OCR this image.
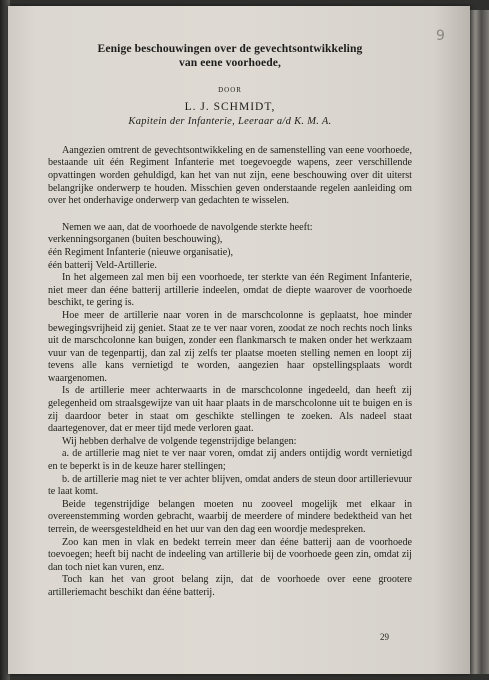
9
Eenige beschouwingen over de gevechtsontwikkeling
van eene voorhoede,
DOOR
L. J. SCHMIDT,
Kapitein der Infanterie, Leeraar a/d K. M. A.

Aangezien omtrent de gevechtsontwikkeling en de samenstelling van eene voorhoede, bestaande uit één Regiment Infanterie met toegevoegde wapens, zeer verschillende opvattingen worden gehuldigd, kan het van nut zijn, eene beschouwing over dit uiterst belangrijke onderwerp te houden. Misschien geven onderstaande regelen aanleiding om over het onderhavige onderwerp van gedachten te wisselen.

Nemen we aan, dat de voorhoede de navolgende sterkte heeft:

verkenningsorganen (buiten beschouwing),

één Regiment Infanterie (nieuwe organisatie),

één batterij Veld-Artillerie.

In het algemeen zal men bij een voorhoede, ter sterkte van één Regiment Infanterie, niet meer dan ééne batterij artillerie indeelen, omdat de diepte waarover de voorhoede beschikt, te gering is.

Hoe meer de artillerie naar voren in de marschcolonne is geplaatst, hoe minder bewegingsvrijheid zij geniet. Staat ze te ver naar voren, zoodat ze noch rechts noch links uit de marschcolonne kan buigen, zonder een flankmarsch te maken onder het werkzaam vuur van de tegenpartij, dan zal zij zelfs ter plaatse moeten stelling nemen en loopt zij tevens alle kans vernietigd te worden, aangezien haar opstellingsplaats wordt waargenomen.

Is de artillerie meer achterwaarts in de marschcolonne ingedeeld, dan heeft zij gelegenheid om straalsgewijze van uit haar plaats in de marschcolonne uit te buigen en is zij daardoor beter in staat om geschikte stellingen te zoeken. Als nadeel staat daartegenover, dat er meer tijd mede verloren gaat.

Wij hebben derhalve de volgende tegenstrijdige belangen:

a. de artillerie mag niet te ver naar voren, omdat zij anders ontijdig wordt vernietigd en te beperkt is in de keuze harer stellingen;

b. de artillerie mag niet te ver achter blijven, omdat anders de steun door artillerievuur te laat komt.

Beide tegenstrijdige belangen moeten nu zooveel mogelijk met elkaar in overeenstemming worden gebracht, waarbij de meerdere of mindere bedektheid van het terrein, de weersgesteldheid en het uur van den dag een woordje medespreken.

Zoo kan men in vlak en bedekt terrein meer dan ééne batterij aan de voorhoede toevoegen; heeft bij nacht de indeeling van artillerie bij de voorhoede geen zin, omdat zij dan toch niet kan vuren, enz.

Toch kan het van groot belang zijn, dat de voorhoede over eene grootere artilleriemacht beschikt dan ééne batterij.

29
